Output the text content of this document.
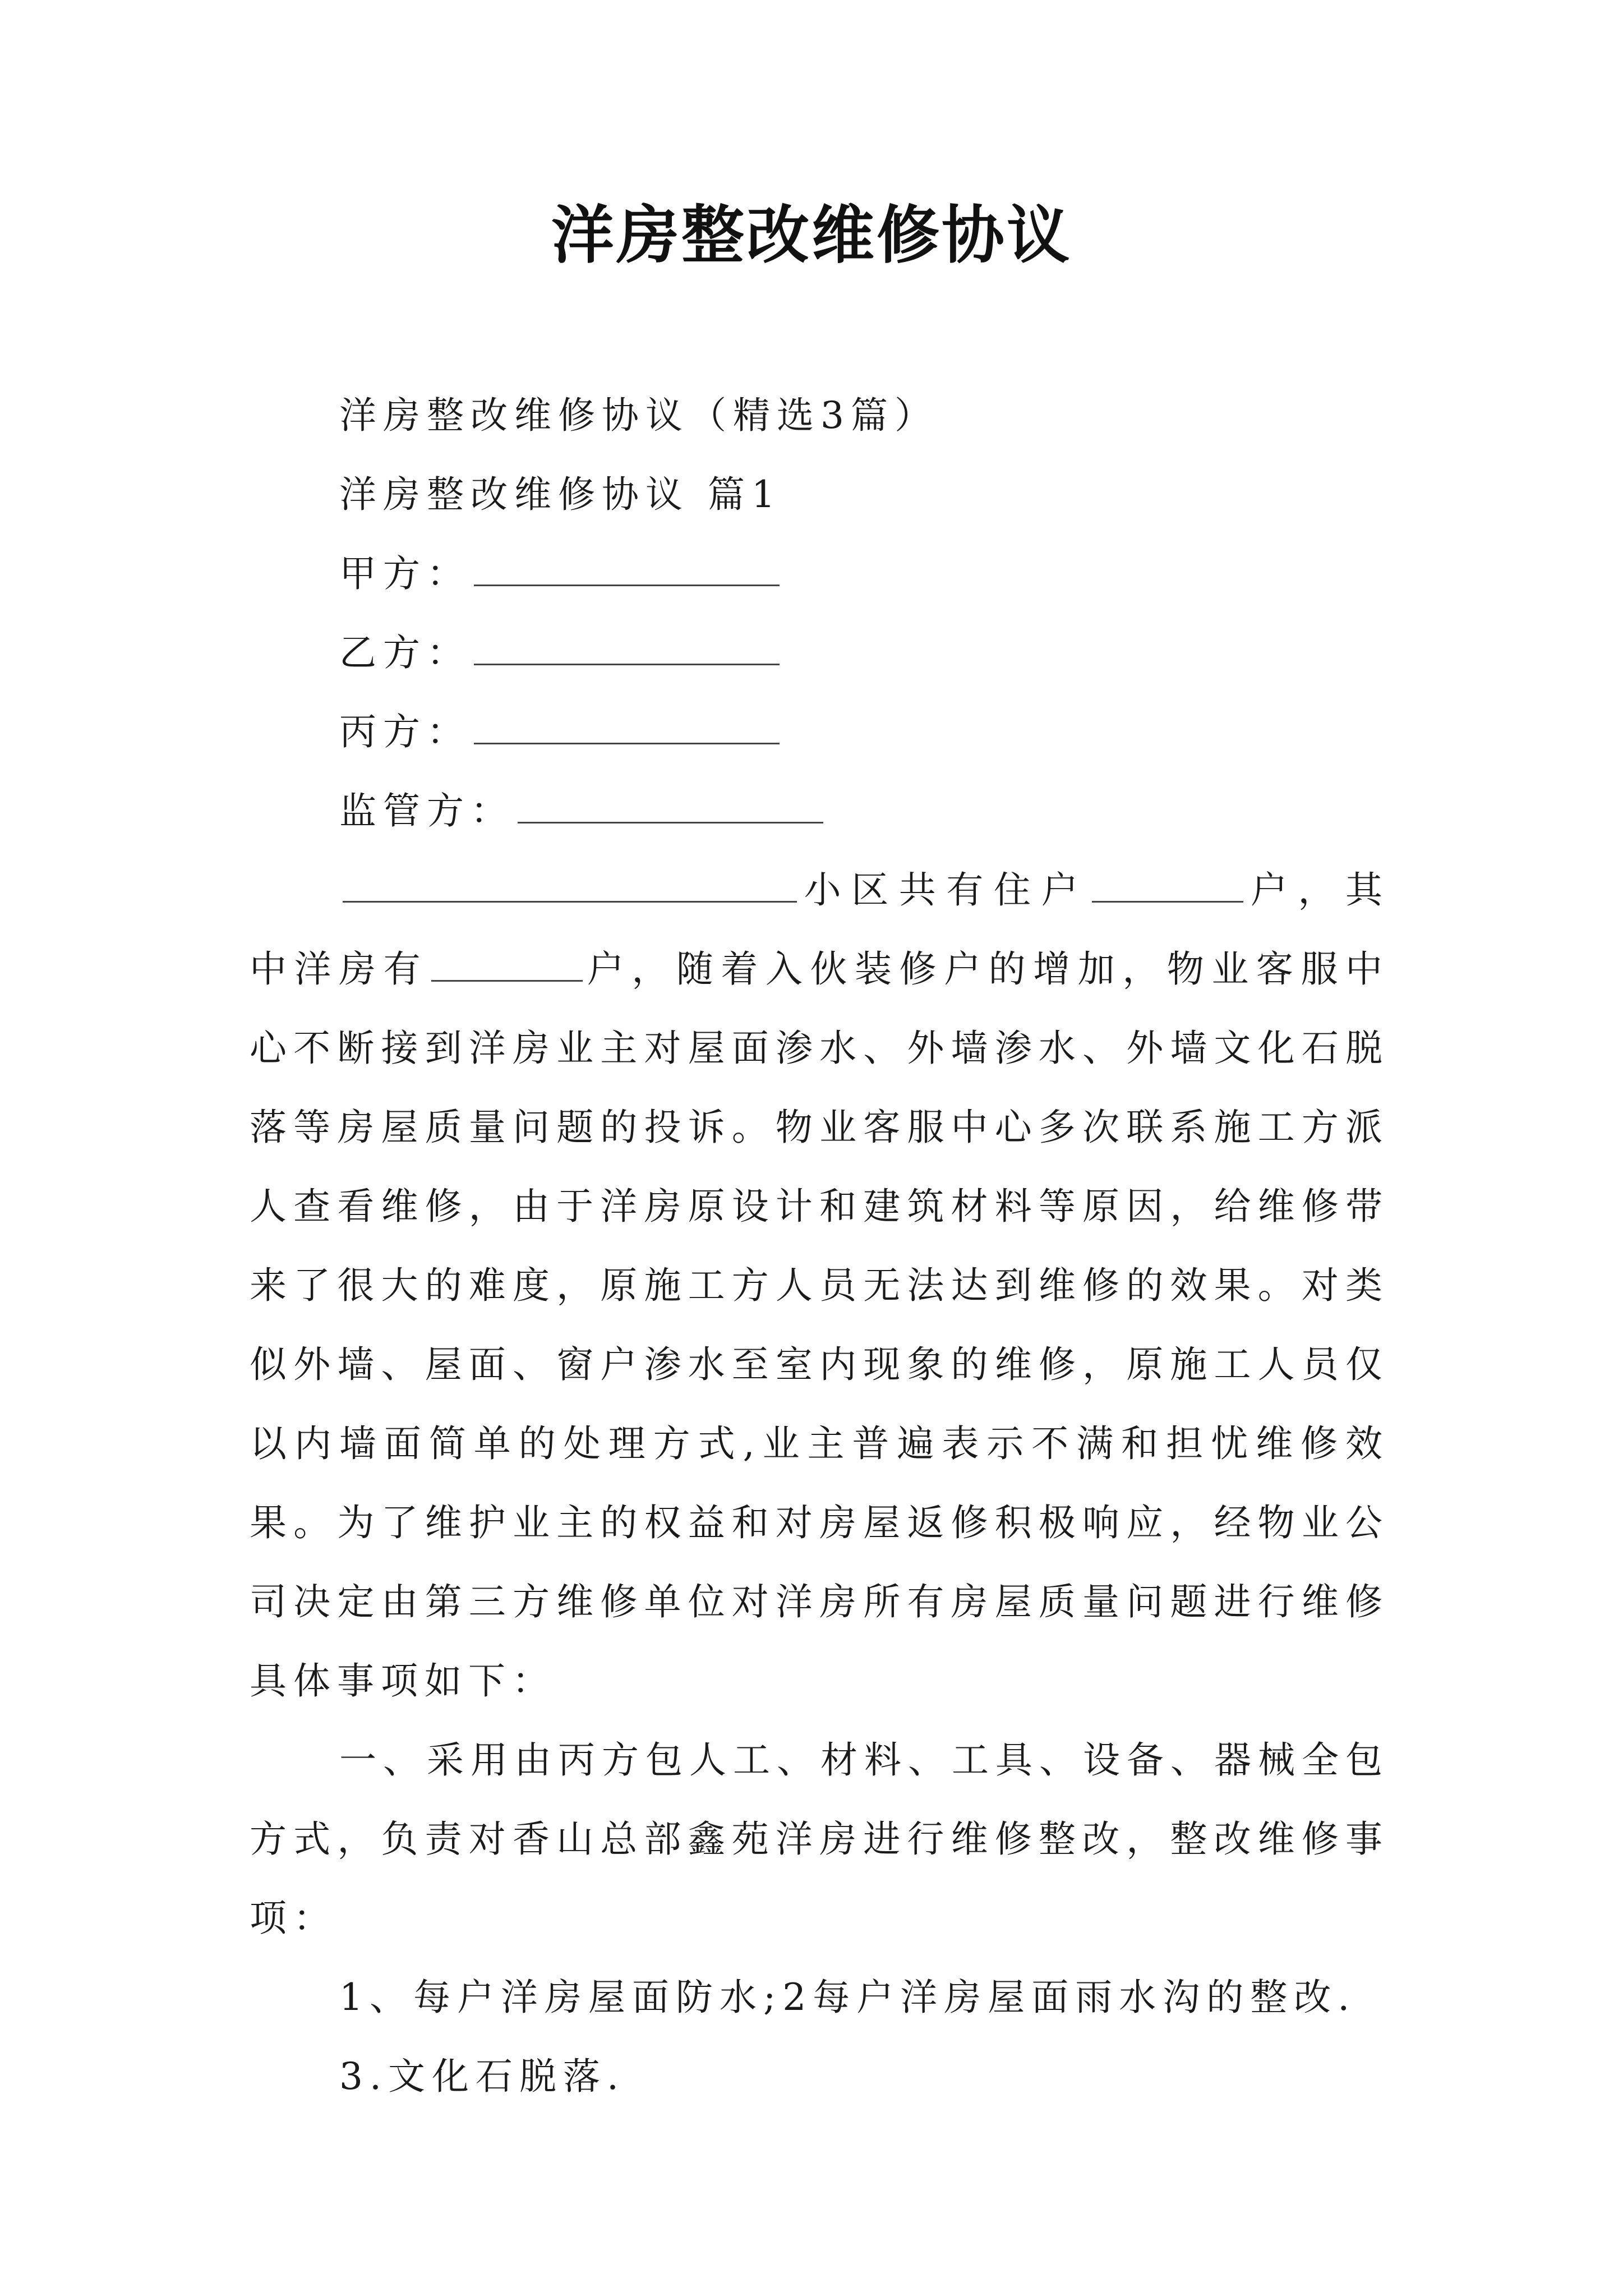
洋房整改维修协议
洋房整改维修协议（精选3篇）
洋房整改维修协议 篇1
甲方：
乙方：
丙方：
监管方：
小区共有住户	户，其中洋房有	户，随着入伙装修户的增加，物业客服中心不断接到洋房业主对屋面渗水、外墙渗水、外墙文化石脱落等房屋质量问题的投诉。物业客服中心多次联系施工方派人查看维修，由于洋房原设计和建筑材料等原因，给维修带来了很大的难度，原施工方人员无法达到维修的效果。对类似外墙、屋面、窗户渗水至室内现象的维修，原施工人员仅以内墙面简单的处理方式,业主普遍表示不满和担忧维修效果。为了维护业主的权益和对房屋返修积极响应，经物业公司决定由第三方维修单位对洋房所有房屋质量问题进行维修具体事项如下：
一、采用由丙方包人工、材料、工具、设备、器械全包方式，负责对香山总部鑫苑洋房进行维修整改，整改维修事项：
1、每户洋房屋面防水;2每户洋房屋面雨水沟的整改.
3.文化石脱落.
